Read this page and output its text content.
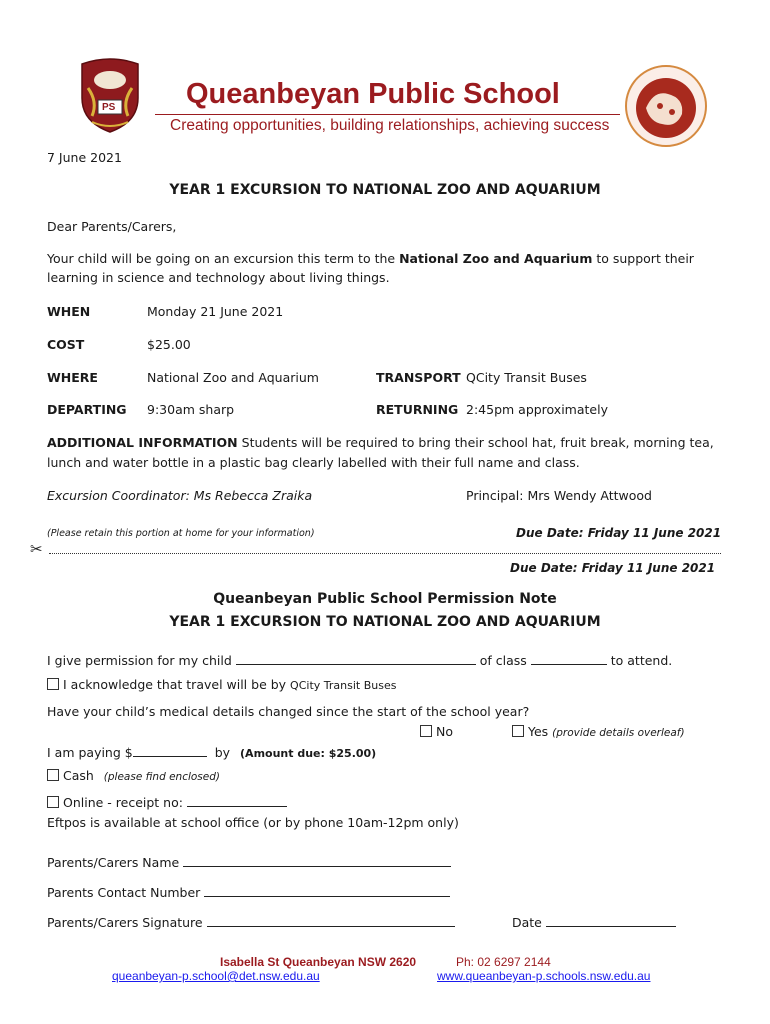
PS Queanbeyan Public School
Creating opportunities, building relationships, achieving success
7 June 2021
YEAR 1 EXCURSION TO NATIONAL ZOO AND AQUARIUM
Dear Parents/Carers,
Your child will be going on an excursion this term to the National Zoo and Aquarium to support their
learning in science and technology about living things.
WHEN	Monday 21 June 2021
COST	$25.00
WHERE	National Zoo and Aquarium	TRANSPORT QCity Transit Buses
DEPARTING 9:30am sharp	RETURNING 2:45pm approximately
ADDITIONAL INFORMATION Students will be required to bring their school hat, fruit break, morning tea,
lunch and water bottle in a plastic bag clearly labelled with their full name and class.
Excursion Coordinator: Ms Rebecca Zraika	Principal: Mrs Wendy Attwood
(Please retain this portion at home for your information)	Due Date: Friday 11 June 2021
✂
Due Date: Friday 11 June 2021
Queanbeyan Public School Permission Note
YEAR 1 EXCURSION TO NATIONAL ZOO AND AQUARIUM
I give permission for my child	of class	to attend.
I acknowledge that travel will be by QCity Transit Buses
Have your child’s medical details changed since the start of the school year?
No	Yes (provide details overleaf)
I am paying $	by (Amount due: $25.00)
Cash (please find enclosed)
Online - receipt no:
Eftpos is available at school office (or by phone 10am-12pm only)
Parents/Carers Name
Parents Contact Number
Parents/Carers Signature	Date
Isabella St Queanbeyan NSW 2620	Ph: 02 6297 2144
queanbeyan-p.school@det.nsw.edu.au	www.queanbeyan-p.schools.nsw.edu.au
